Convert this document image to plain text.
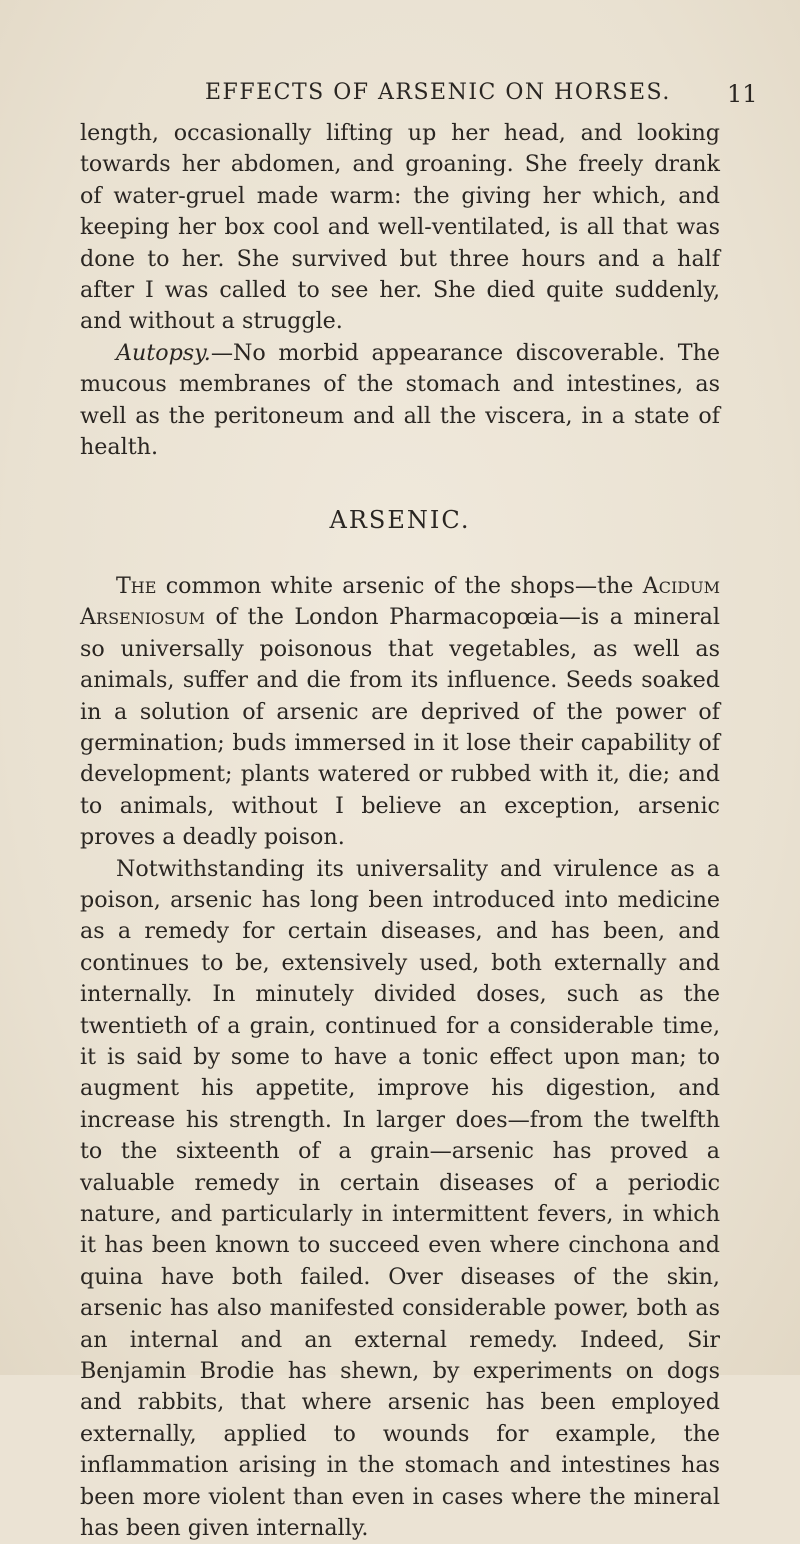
EFFECTS OF ARSENIC ON HORSES. 11

length, occasionally lifting up her head, and looking towards her abdomen, and groaning. She freely drank of water-gruel made warm: the giving her which, and keeping her box cool and well-ventilated, is all that was done to her. She survived but three hours and a half after I was called to see her. She died quite suddenly, and without a struggle.

Autopsy.—No morbid appearance discoverable. The mucous membranes of the stomach and intestines, as well as the peritoneum and all the viscera, in a state of health.

ARSENIC.

The common white arsenic of the shops—the Acidum Arseniosum of the London Pharmacopœia—is a mineral so universally poisonous that vegetables, as well as animals, suffer and die from its influence. Seeds soaked in a solution of arsenic are deprived of the power of germination; buds immersed in it lose their capability of development; plants watered or rubbed with it, die; and to animals, without I believe an exception, arsenic proves a deadly poison.

Notwithstanding its universality and virulence as a poison, arsenic has long been introduced into medicine as a remedy for certain diseases, and has been, and continues to be, extensively used, both externally and internally. In minutely divided doses, such as the twentieth of a grain, continued for a considerable time, it is said by some to have a tonic effect upon man; to augment his appetite, improve his digestion, and increase his strength. In larger does—from the twelfth to the sixteenth of a grain—arsenic has proved a valuable remedy in certain diseases of a periodic nature, and particularly in intermittent fevers, in which it has been known to succeed even where cinchona and quina have both failed. Over diseases of the skin, arsenic has also manifested considerable power, both as an internal and an external remedy. Indeed, Sir Benjamin Brodie has shewn, by experiments on dogs and rabbits, that where arsenic has been employed externally, applied to wounds for example, the inflammation arising in the stomach and intestines has been more violent than even in cases where the mineral has been given internally.
